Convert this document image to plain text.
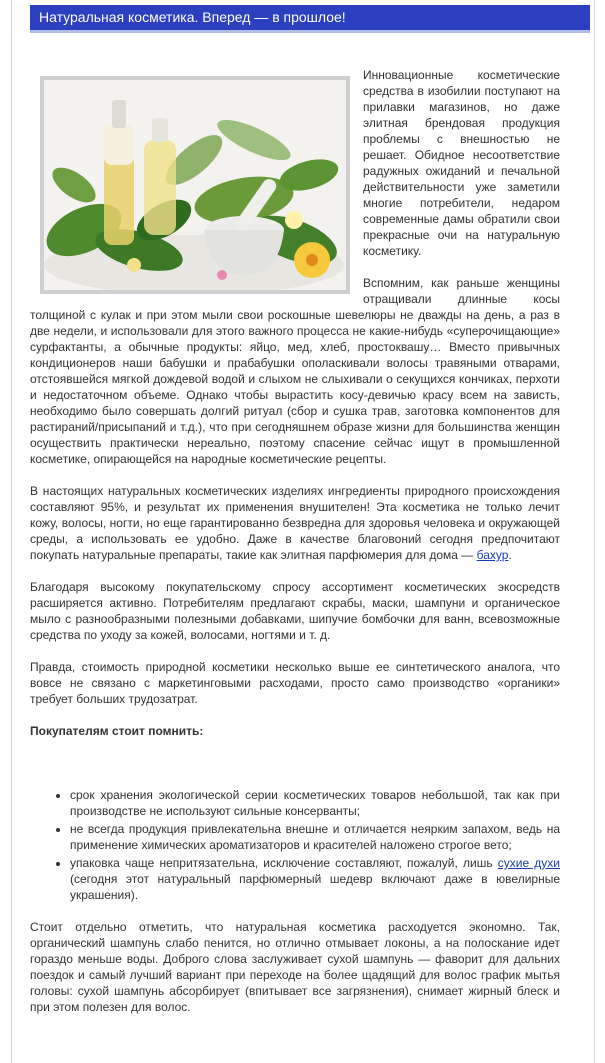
Натуральная косметика. Вперед — в прошлое!

Инновационные косметические средства в изобилии поступают на прилавки магазинов, но даже элитная брендовая продукция проблемы с внешностью не решает. Обидное несоответствие радужных ожиданий и печальной действительности уже заметили многие потребители, недаром современные дамы обратили свои прекрасные очи на натуральную косметику.

Вспомним, как раньше женщины отращивали длинные косы толщиной с кулак и при этом мыли свои роскошные шевелюры не дважды на день, а раз в две недели, и использовали для этого важного процесса не какие-нибудь «суперочищающие» сурфактанты, а обычные продукты: яйцо, мед, хлеб, простоквашу… Вместо привычных кондиционеров наши бабушки и прабабушки ополаскивали волосы травяными отварами, отстоявшейся мягкой дождевой водой и слыхом не слыхивали о секущихся кончиках, перхоти и недостаточном объеме. Однако чтобы вырастить косу-девичью красу всем на зависть, необходимо было совершать долгий ритуал (сбор и сушка трав, заготовка компонентов для растираний/присыпаний и т.д.), что при сегодняшнем образе жизни для большинства женщин осуществить практически нереально, поэтому спасение сейчас ищут в промышленной косметике, опирающейся на народные косметические рецепты.

В настоящих натуральных косметических изделиях ингредиенты природного происхождения составляют 95%, и результат их применения внушителен! Эта косметика не только лечит кожу, волосы, ногти, но еще гарантированно безвредна для здоровья человека и окружающей среды, а использовать ее удобно. Даже в качестве благовоний сегодня предпочитают покупать натуральные препараты, такие как элитная парфюмерия для дома — бахур.

Благодаря высокому покупательскому спросу ассортимент косметических экосредств расширяется активно. Потребителям предлагают скрабы, маски, шампуни и органическое мыло с разнообразными полезными добавками, шипучие бомбочки для ванн, всевозможные средства по уходу за кожей, волосами, ногтями и т. д.

Правда, стоимость природной косметики несколько выше ее синтетического аналога, что вовсе не связано с маркетинговыми расходами, просто само производство «органики» требует больших трудозатрат.

Покупателям стоит помнить:

• срок хранения экологической серии косметических товаров небольшой, так как при производстве не используют сильные консерванты;
• не всегда продукция привлекательна внешне и отличается неярким запахом, ведь на применение химических ароматизаторов и красителей наложено строгое вето;
• упаковка чаще непритязательна, исключение составляют, пожалуй, лишь сухие духи (сегодня этот натуральный парфюмерный шедевр включают даже в ювелирные украшения).

Стоит отдельно отметить, что натуральная косметика расходуется экономно. Так, органический шампунь слабо пенится, но отлично отмывает локоны, а на полоскание идет гораздо меньше воды. Доброго слова заслуживает сухой шампунь — фаворит для дальних поездок и самый лучший вариант при переходе на более щадящий для волос график мытья головы: сухой шампунь абсорбирует (впитывает все загрязнения), снимает жирный блеск и при этом полезен для волос.
